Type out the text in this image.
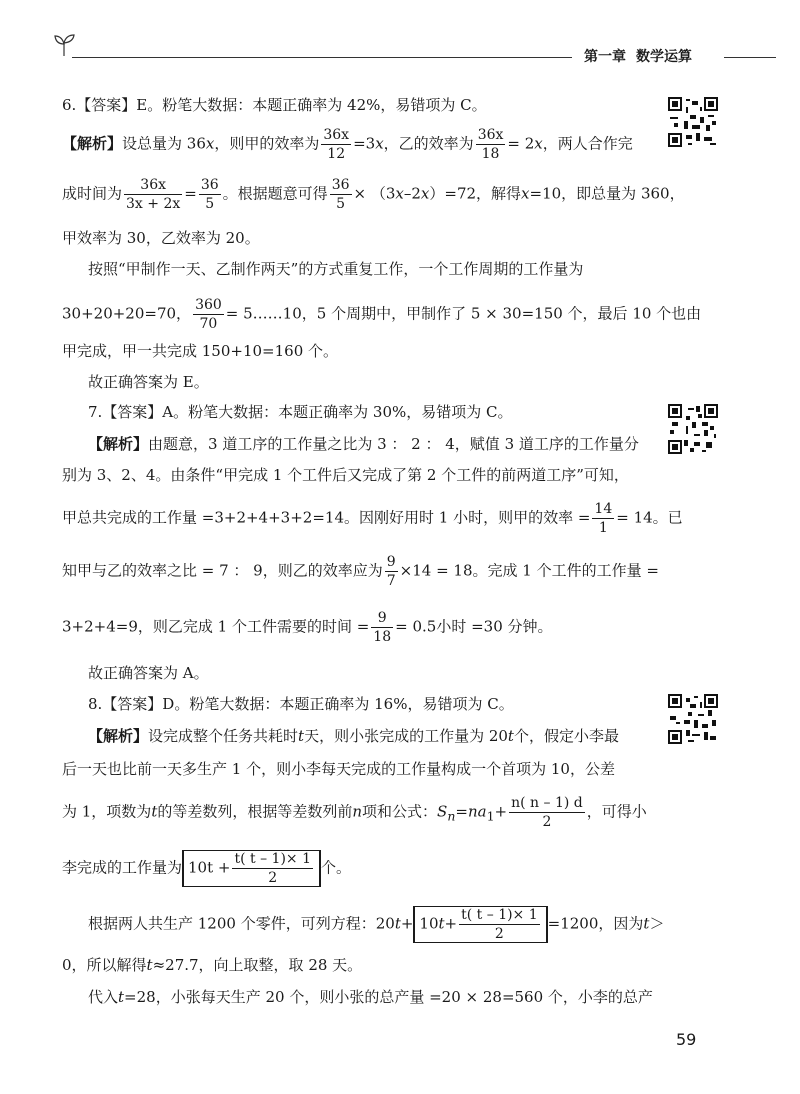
第一章 数学运算
6.【答案】E。粉笔大数据：本题正确率为 42%，易错项为 C。
【解析】设总量为 36x，则甲的效率为 $\frac{36x}{12} =3x$，乙的效率为 $\frac{36x}{18} = 2x$，两人合作完
成时间为 $\frac{36x}{3x + 2x} = \frac{36}{5}$ 。根据题意可得 $\frac{36}{5} \times (3x-2x)=72$，解得x=10，即总量为 360，
甲效率为 30，乙效率为 20。
按照“甲制作一天、乙制作两天”的方式重复工作，一个工作周期的工作量为
30+20+20=70， $\frac{360}{70}$ = 5……10，5 个周期中，甲制作了 5 × 30=150 个，最后 10 个也由
甲完成，甲一共完成 150+10=160 个。
故正确答案为 E。
7.【答案】A。粉笔大数据：本题正确率为 30%，易错项为 C。
【解析】由题意，3 道工序的工作量之比为 3 ： 2 ： 4，赋值 3 道工序的工作量分
别为 3、2、4。由条件“甲完成 1 个工件后又完成了第 2 个工件的前两道工序”可知，
甲总共完成的工作量 =3+2+4+3+2=14。因刚好用时 1 小时，则甲的效率 = $\frac{14}{1} = 14$。已
知甲与乙的效率之比 = 7 ： 9，则乙的效率应为 $\frac{9}{7} \times 14 = 18$。完成 1 个工件的工作量 =
3+2+4=9，则乙完成 1 个工件需要的时间 = $\frac{9}{18} = 0.5$小时 =30 分钟。
故正确答案为 A。
8.【答案】D。粉笔大数据：本题正确率为 16%，易错项为 C。
【解析】设完成整个任务共耗时t天，则小张完成的工作量为 20t个，假定小李最
后一天也比前一天多生产 1 个，则小李每天完成的工作量构成一个首项为 10，公差
为 1，项数为t的等差数列，根据等差数列前n项和公式：$S_n=na_1+ \frac{n( n - 1) d}{2}$ ，可得小
李完成的工作量为 $10t + \frac{t( t - 1)\times 1}{2}$ 个。
根据两人共生产 1200 个零件，可列方程：$20t+ 10t+ \frac{t( t - 1)\times 1}{2} =1200$，因为t＞
0，所以解得t≈27.7，向上取整，取 28 天。
代入t=28，小张每天生产 20 个，则小张的总产量 =20 × 28=560 个，小李的总产
59
